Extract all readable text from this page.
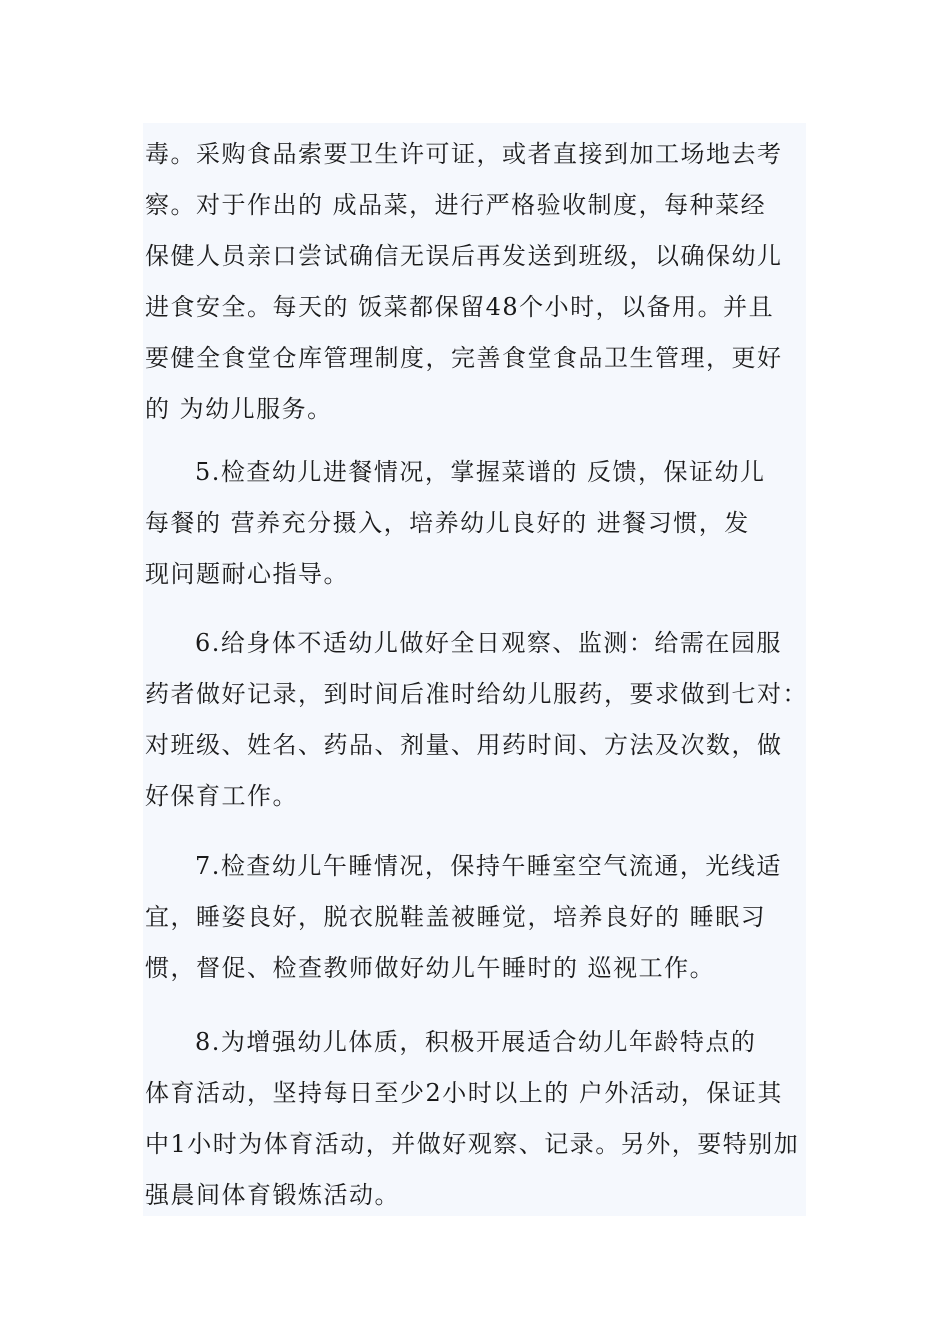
毒。采购食品索要卫生许可证，或者直接到加工场地去考
察。对于作出的 成品菜，进行严格验收制度，每种菜经
保健人员亲口尝试确信无误后再发送到班级，以确保幼儿
进食安全。每天的 饭菜都保留48个小时，以备用。并且
要健全食堂仓库管理制度，完善食堂食品卫生管理，更好
的 为幼儿服务。
5.检查幼儿进餐情况，掌握菜谱的 反馈，保证幼儿
每餐的 营养充分摄入，培养幼儿良好的 进餐习惯，发
现问题耐心指导。
6.给身体不适幼儿做好全日观察、监测：给需在园服
药者做好记录，到时间后准时给幼儿服药，要求做到七对：
对班级、姓名、药品、剂量、用药时间、方法及次数，做
好保育工作。
7.检查幼儿午睡情况，保持午睡室空气流通，光线适
宜，睡姿良好，脱衣脱鞋盖被睡觉，培养良好的 睡眠习
惯，督促、检查教师做好幼儿午睡时的 巡视工作。
8.为增强幼儿体质，积极开展适合幼儿年龄特点的
体育活动，坚持每日至少2小时以上的 户外活动，保证其
中1小时为体育活动，并做好观察、记录。另外，要特别加
强晨间体育锻炼活动。
